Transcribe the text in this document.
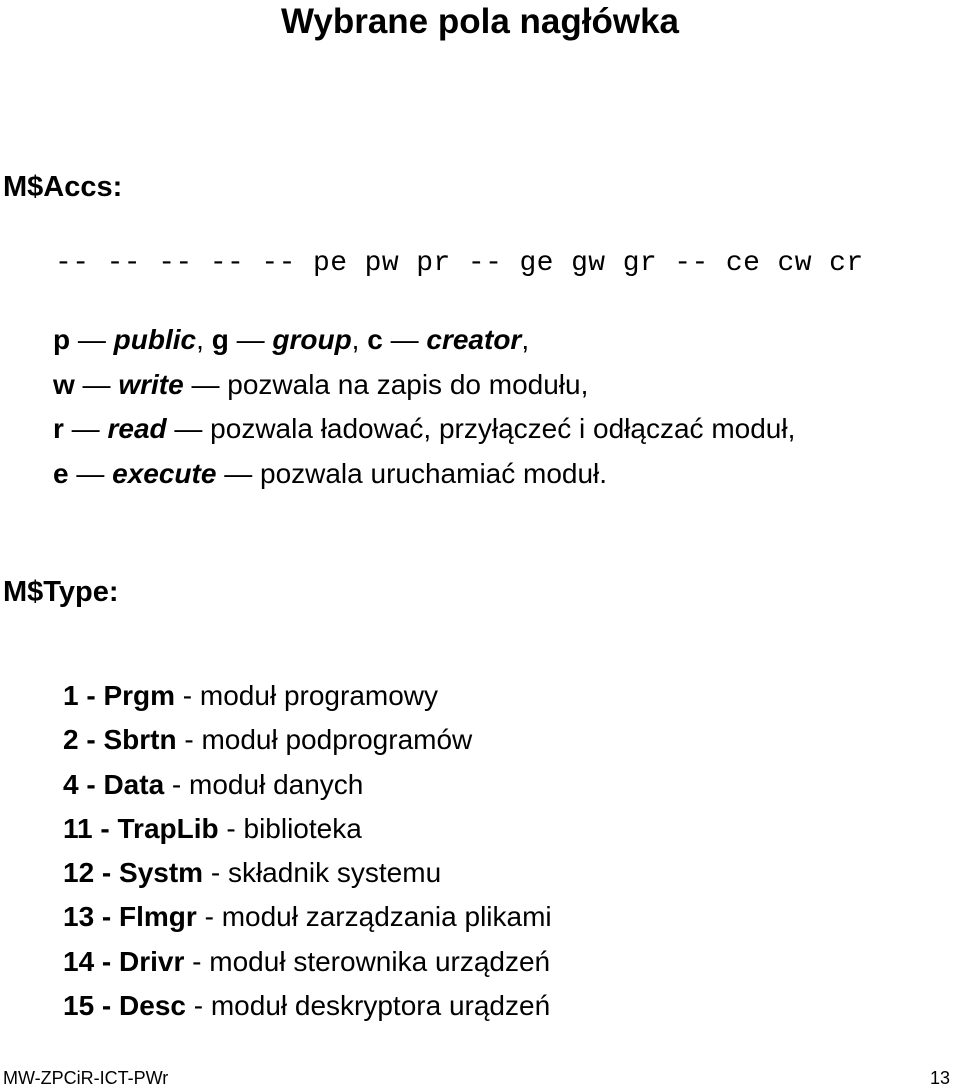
Wybrane pola nagłówka
M$Accs:
-- -- -- -- -- pe pw pr -- ge gw gr -- ce cw cr
p — public, g — group, c — creator,
w — write — pozwala na zapis do modułu,
r — read — pozwala ładować, przyłączeć i odłączać moduł,
e — execute — pozwala uruchamiać moduł.
M$Type:
1 - Prgm - moduł programowy
2 - Sbrtn - moduł podprogramów
4 - Data - moduł danych
11 - TrapLib - biblioteka
12 - Systm - składnik systemu
13 - Flmgr - moduł zarządzania plikami
14 - Drivr - moduł sterownika urządzeń
15 - Desc - moduł deskryptora urądzeń
MW-ZPCiR-ICT-PWr	13
